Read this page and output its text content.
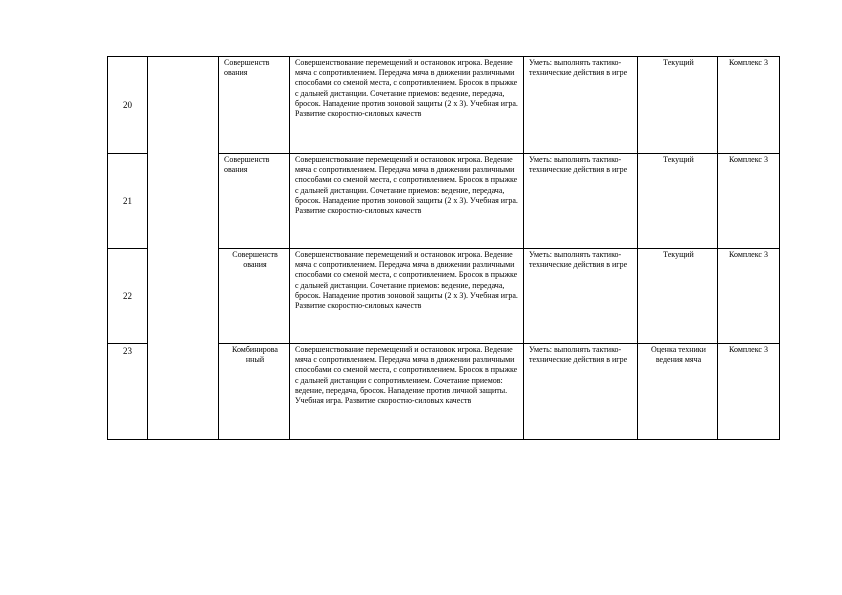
20		Совершенств ования	Совершенствование перемещений и остановок игрока. Ведение мяча с сопротивлением. Передача мяча в движении различными способами со сменой места, с сопротивлением. Бросок в прыжке с дальней дистанции. Сочетание приемов: ведение, передача, бросок. Нападение против зоновой защиты (2 х 3). Учебная игра. Развитие скоростно-силовых качеств	Уметь: выполнять тактико-технические действия в игре	Текущий	Комплекс 3

21		Совершенств ования	Совершенствование перемещений и остановок игрока. Ведение мяча с сопротивлением. Передача мяча в движении различными способами со сменой места, с сопротивлением. Бросок в прыжке с дальней дистанции. Сочетание приемов: ведение, передача, бросок. Нападение против зоновой защиты (2 х 3). Учебная игра. Развитие скоростно-силовых качеств	Уметь: выполнять тактико-технические действия в игре	Текущий	Комплекс 3

22		Совершенств ования	Совершенствование перемещений и остановок игрока. Ведение мяча с сопротивлением. Передача мяча в движении различными способами со сменой места, с сопротивлением. Бросок в прыжке с дальней дистанции. Сочетание приемов: ведение, передача, бросок. Нападение против зоновой защиты (2 х 3). Учебная игра. Развитие скоростно-силовых качеств	Уметь: выполнять тактико-технические действия в игре	Текущий	Комплекс 3

23		Комбинирова нный	Совершенствование перемещений и остановок игрока. Ведение мяча с сопротивлением. Передача мяча в движении различными способами со сменой места, с сопротивлением. Бросок в прыжке с дальней дистанции с сопротивлением. Сочетание приемов: ведение, передача, бросок. Нападение против личной защиты. Учебная игра. Развитие скоростно-силовых качеств	Уметь: выполнять тактико-технические действия в игре	Оценка техники ведения мяча	Комплекс 3
